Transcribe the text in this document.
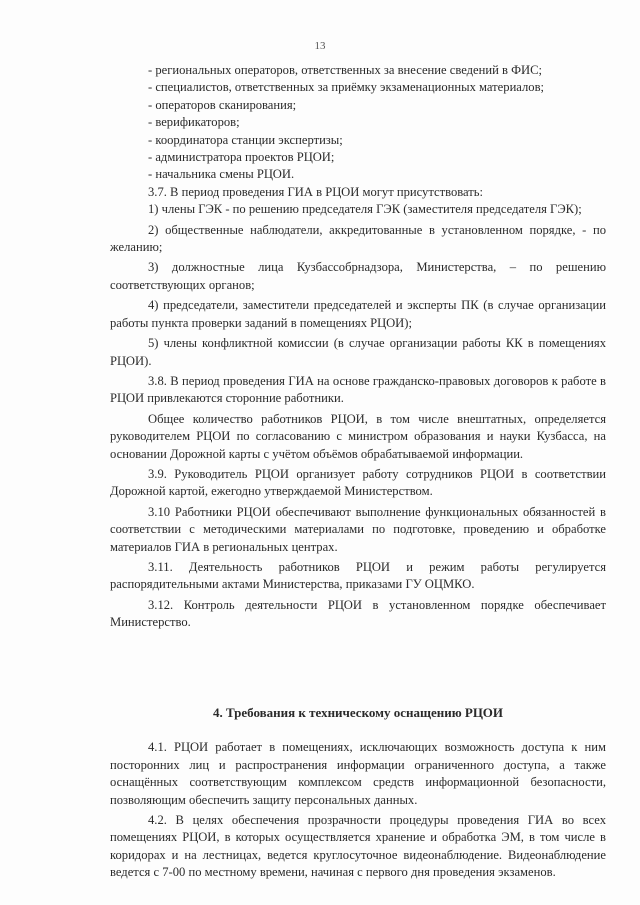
13

- региональных операторов, ответственных за внесение сведений в ФИС;

- специалистов, ответственных за приёмку экзаменационных материалов;

- операторов сканирования;

- верификаторов;

- координатора станции экспертизы;

- администратора проектов РЦОИ;

- начальника смены РЦОИ.

3.7. В период проведения ГИА в РЦОИ могут присутствовать:

1) члены ГЭК - по решению председателя ГЭК (заместителя председателя ГЭК);

2) общественные наблюдатели, аккредитованные в установленном порядке, - по желанию;

3) должностные лица Кузбассобрнадзора, Министерства, – по решению соответствующих органов;

4) председатели, заместители председателей и эксперты ПК (в случае организации работы пункта проверки заданий в помещениях РЦОИ);

5) члены конфликтной комиссии (в случае организации работы КК в помещениях РЦОИ).

3.8. В период проведения ГИА на основе гражданско-правовых договоров к работе в РЦОИ привлекаются сторонние работники.

Общее количество работников РЦОИ, в том числе внештатных, определяется руководителем РЦОИ по согласованию с министром образования и науки Кузбасса, на основании Дорожной карты с учётом объёмов обрабатываемой информации.

3.9. Руководитель РЦОИ организует работу сотрудников РЦОИ в соответствии Дорожной картой, ежегодно утверждаемой Министерством.

3.10 Работники РЦОИ обеспечивают выполнение функциональных обязанностей в соответствии с методическими материалами по подготовке, проведению и обработке материалов ГИА в региональных центрах.

3.11. Деятельность работников РЦОИ и режим работы регулируется распорядительными актами Министерства, приказами ГУ ОЦМКО.

3.12. Контроль деятельности РЦОИ в установленном порядке обеспечивает Министерство.

4. Требования к техническому оснащению РЦОИ

4.1. РЦОИ работает в помещениях, исключающих возможность доступа к ним посторонних лиц и распространения информации ограниченного доступа, а также оснащённых соответствующим комплексом средств информационной безопасности, позволяющим обеспечить защиту персональных данных.

4.2. В целях обеспечения прозрачности процедуры проведения ГИА во всех помещениях РЦОИ, в которых осуществляется хранение и обработка ЭМ, в том числе в коридорах и на лестницах, ведется круглосуточное видеонаблюдение. Видеонаблюдение ведется с 7-00 по местному времени, начиная с первого дня проведения экзаменов.
